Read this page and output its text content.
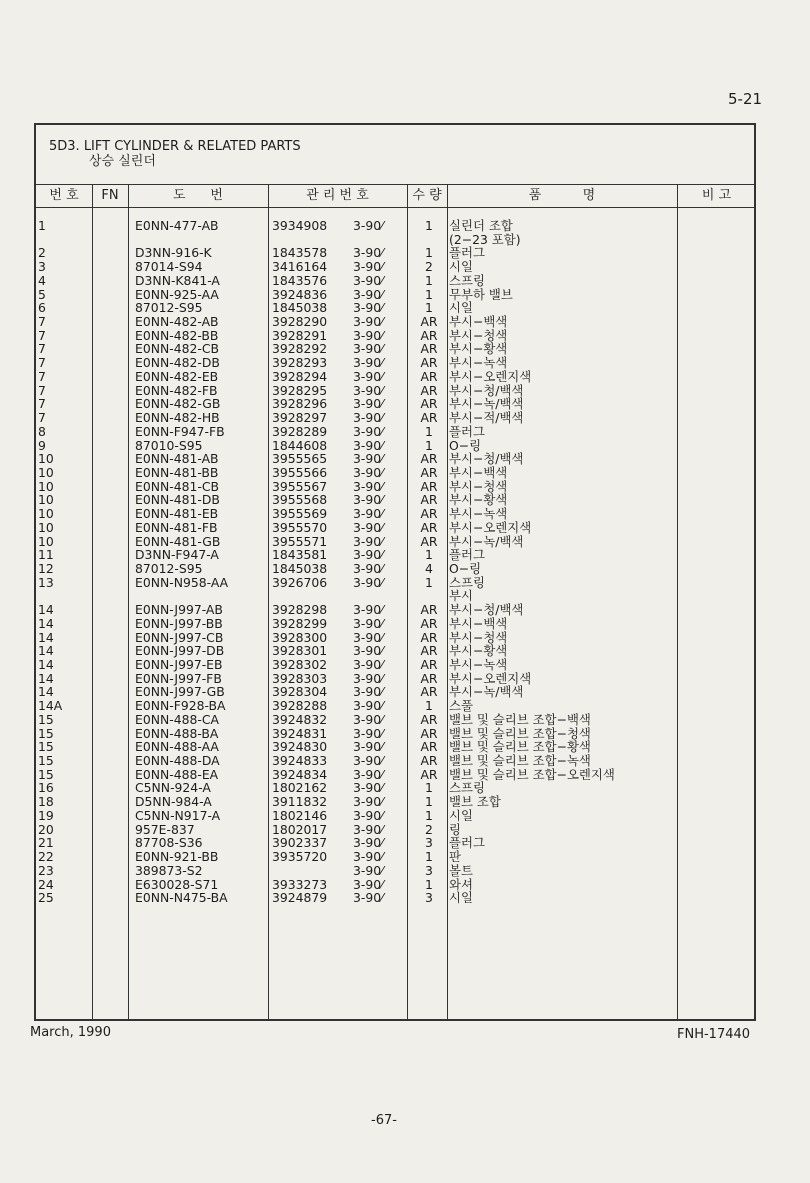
5-21
5D3. LIFT CYLINDER & RELATED PARTS
상승 실린더
번 호	FN	도      번	관 리 번 호	수 량	품          명	비 고
1	E0NN-477-AB	3934908 3-90⁄	1	실린더 조합
(2−23 포함)
2	D3NN-916-K	1843578 3-90⁄	1	플러그
3	87014-S94	3416164 3-90⁄	2	시일
4	D3NN-K841-A	1843576 3-90⁄	1	스프링
5	E0NN-925-AA	3924836 3-90⁄	1	무부하 밸브
6	87012-S95	1845038 3-90⁄	1	시일
7	E0NN-482-AB	3928290 3-90⁄	AR 부시−백색
7	E0NN-482-BB	3928291 3-90⁄	AR 부시−청색
7	E0NN-482-CB	3928292 3-90⁄	AR 부시−황색
7	E0NN-482-DB	3928293 3-90⁄	AR 부시−녹색
7	E0NN-482-EB	3928294 3-90⁄	AR 부시−오렌지색
7	E0NN-482-FB	3928295 3-90⁄	AR 부시−청/백색
7	E0NN-482-GB	3928296 3-90⁄	AR 부시−녹/백색
7	E0NN-482-HB	3928297 3-90⁄	AR 부시−적/백색
8	E0NN-F947-FB	3928289 3-90⁄	1	플러그
9	87010-S95	1844608 3-90⁄	1	O−링
10	E0NN-481-AB	3955565 3-90⁄	AR 부시−청/백색
10	E0NN-481-BB	3955566 3-90⁄	AR 부시−백색
10	E0NN-481-CB	3955567 3-90⁄	AR 부시−청색
10	E0NN-481-DB	3955568 3-90⁄	AR 부시−황색
10	E0NN-481-EB	3955569 3-90⁄	AR 부시−녹색
10	E0NN-481-FB	3955570 3-90⁄	AR 부시−오렌지색
10	E0NN-481-GB	3955571 3-90⁄	AR 부시−녹/백색
11	D3NN-F947-A	1843581 3-90⁄	1	플러그
12	87012-S95	1845038 3-90⁄	4	O−링
13	E0NN-N958-AA	3926706 3-90⁄	1	스프링
부시
14	E0NN-J997-AB	3928298 3-90⁄	AR 부시−청/백색
14	E0NN-J997-BB	3928299 3-90⁄	AR 부시−백색
14	E0NN-J997-CB	3928300 3-90⁄	AR 부시−청색
14	E0NN-J997-DB	3928301 3-90⁄	AR 부시−황색
14	E0NN-J997-EB	3928302 3-90⁄	AR 부시−녹색
14	E0NN-J997-FB	3928303 3-90⁄	AR 부시−오렌지색
14	E0NN-J997-GB	3928304 3-90⁄	AR 부시−녹/백색
14A	E0NN-F928-BA	3928288 3-90⁄	1	스풀
15	E0NN-488-CA	3924832 3-90⁄	AR 밸브 및 슬리브 조합−백색
15	E0NN-488-BA	3924831 3-90⁄	AR 밸브 및 슬리브 조합−청색
15	E0NN-488-AA	3924830 3-90⁄	AR 밸브 및 슬리브 조합−황색
15	E0NN-488-DA	3924833 3-90⁄	AR 밸브 및 슬리브 조합−녹색
15	E0NN-488-EA	3924834 3-90⁄	AR 밸브 및 슬리브 조합−오렌지색
16	C5NN-924-A	1802162 3-90⁄	1	스프링
18	D5NN-984-A	3911832 3-90⁄	1	밸브 조합
19	C5NN-N917-A	1802146 3-90⁄	1	시일
20	957E-837	1802017 3-90⁄	2	링
21	87708-S36	3902337 3-90⁄	3	플러그
22	E0NN-921-BB	3935720 3-90⁄	1	판
23	389873-S2	3-90⁄	3	볼트
24	E630028-S71	3933273 3-90⁄	1	와셔
25	E0NN-N475-BA	3924879 3-90⁄	3	시일
March, 1990	FNH-17440
-67-
